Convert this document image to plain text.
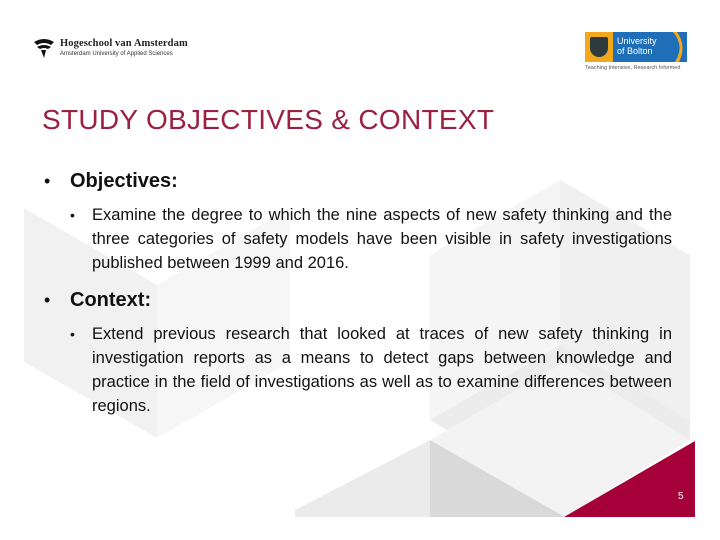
Hogeschool van Amsterdam
Amsterdam University of Applied Sciences
University
of Bolton
Teaching Intensive, Research Informed
STUDY OBJECTIVES & CONTEXT
• Objectives:
•	Examine the degree to which the nine aspects of new safety thinking and the three categories of safety models have been visible in safety investigations published between 1999 and 2016.
• Context:
•	Extend previous research that looked at traces of new safety thinking in investigation reports as a means to detect gaps between knowledge and practice in the field of investigations as well as to examine differences between regions.
5
